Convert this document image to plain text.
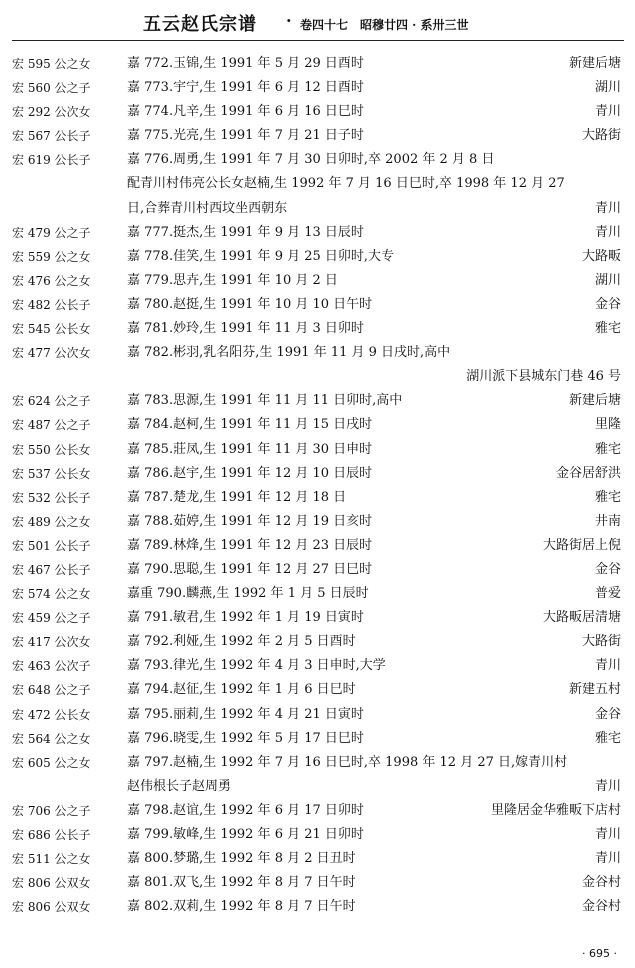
五云赵氏宗谱 · 卷四十七　昭穆廿四 · 系卅三世
宏 595 公之女	嘉 772.玉锦,生 1991 年 5 月 29 日酉时	新建后塘
宏 560 公之子	嘉 773.宇宁,生 1991 年 6 月 12 日酉时	湖川
宏 292 公次女	嘉 774.凡辛,生 1991 年 6 月 16 日巳时	青川
宏 567 公长子	嘉 775.光亮,生 1991 年 7 月 21 日子时	大路街
宏 619 公长子	嘉 776.周勇,生 1991 年 7 月 30 日卯时,卒 2002 年 2 月 8 日
配青川村伟亮公长女赵楠,生 1992 年 7 月 16 日巳时,卒 1998 年 12 月 27
日,合葬青川村西坟坐西朝东	青川
宏 479 公之子	嘉 777.挺杰,生 1991 年 9 月 13 日辰时	青川
宏 559 公之女	嘉 778.佳笑,生 1991 年 9 月 25 日卯时,大专	大路畈
宏 476 公之女	嘉 779.思卉,生 1991 年 10 月 2 日	湖川
宏 482 公长子	嘉 780.赵挺,生 1991 年 10 月 10 日午时	金谷
宏 545 公长女	嘉 781.妙玲,生 1991 年 11 月 3 日卯时	雅宅
宏 477 公次女	嘉 782.彬羽,乳名阳芬,生 1991 年 11 月 9 日戌时,高中
湖川派下县城东门巷 46 号
宏 624 公之子	嘉 783.思源,生 1991 年 11 月 11 日卯时,高中	新建后塘
宏 487 公之子	嘉 784.赵柯,生 1991 年 11 月 15 日戌时	里隆
宏 550 公长女	嘉 785.莊凤,生 1991 年 11 月 30 日申时	雅宅
宏 537 公长女	嘉 786.赵宇,生 1991 年 12 月 10 日辰时	金谷居舒洪
宏 532 公长子	嘉 787.楚龙,生 1991 年 12 月 18 日	雅宅
宏 489 公之女	嘉 788.茹婷,生 1991 年 12 月 19 日亥时	井南
宏 501 公长子	嘉 789.林烽,生 1991 年 12 月 23 日辰时	大路街居上倪
宏 467 公长子	嘉 790.思聪,生 1991 年 12 月 27 日巳时	金谷
宏 574 公之女	嘉重 790.麟燕,生 1992 年 1 月 5 日辰时	普爱
宏 459 公之子	嘉 791.敏君,生 1992 年 1 月 19 日寅时	大路畈居清塘
宏 417 公次女	嘉 792.利娅,生 1992 年 2 月 5 日酉时	大路街
宏 463 公次子	嘉 793.律光,生 1992 年 4 月 3 日申时,大学	青川
宏 648 公之子	嘉 794.赵征,生 1992 年 1 月 6 日巳时	新建五村
宏 472 公长女	嘉 795.丽莉,生 1992 年 4 月 21 日寅时	金谷
宏 564 公之女	嘉 796.晓雯,生 1992 年 5 月 17 日巳时	雅宅
宏 605 公之女	嘉 797.赵楠,生 1992 年 7 月 16 日巳时,卒 1998 年 12 月 27 日,嫁青川村
赵伟根长子赵周勇	青川
宏 706 公之子	嘉 798.赵谊,生 1992 年 6 月 17 日卯时	里隆居金华雅畈下店村
宏 686 公长子	嘉 799.敏峰,生 1992 年 6 月 21 日卯时	青川
宏 511 公之女	嘉 800.梦璐,生 1992 年 8 月 2 日丑时	青川
宏 806 公双女	嘉 801.双飞,生 1992 年 8 月 7 日午时	金谷村
宏 806 公双女	嘉 802.双莉,生 1992 年 8 月 7 日午时	金谷村
· 695 ·
